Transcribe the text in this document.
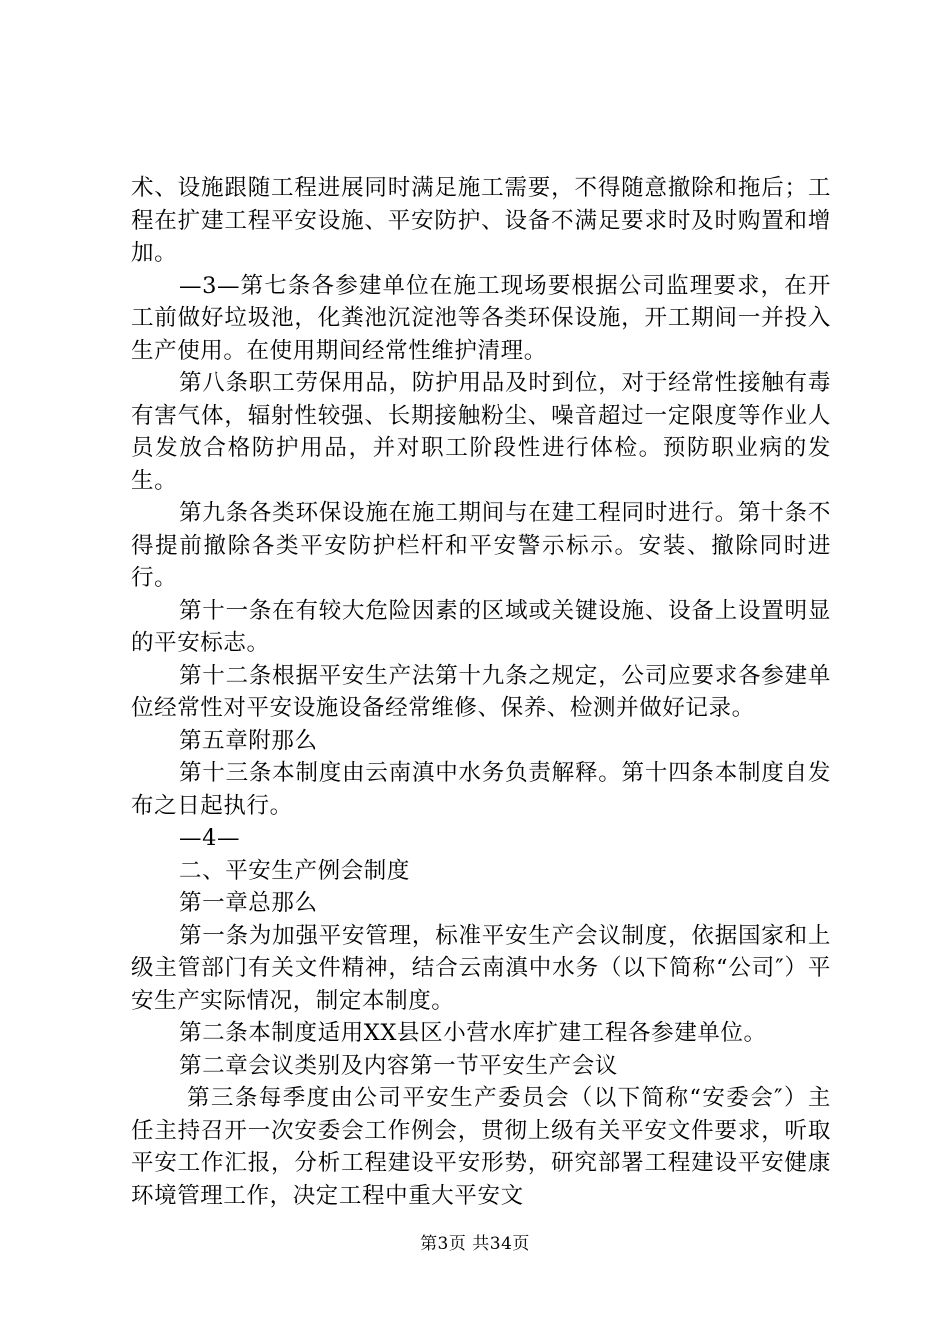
术、设施跟随工程进展同时满足施工需要，不得随意撤除和拖后；工程在扩建工程平安设施、平安防护、设备不满足要求时及时购置和增加。

—3—第七条各参建单位在施工现场要根据公司监理要求，在开工前做好垃圾池，化粪池沉淀池等各类环保设施，开工期间一并投入生产使用。在使用期间经常性维护清理。

第八条职工劳保用品，防护用品及时到位，对于经常性接触有毒有害气体，辐射性较强、长期接触粉尘、噪音超过一定限度等作业人员发放合格防护用品，并对职工阶段性进行体检。预防职业病的发生。

第九条各类环保设施在施工期间与在建工程同时进行。第十条不得提前撤除各类平安防护栏杆和平安警示标示。安装、撤除同时进行。

第十一条在有较大危险因素的区域或关键设施、设备上设置明显的平安标志。

第十二条根据平安生产法第十九条之规定，公司应要求各参建单位经常性对平安设施设备经常维修、保养、检测并做好记录。

第五章附那么

第十三条本制度由云南滇中水务负责解释。第十四条本制度自发布之日起执行。

—4—

二、平安生产例会制度

第一章总那么

第一条为加强平安管理，标准平安生产会议制度，依据国家和上级主管部门有关文件精神，结合云南滇中水务（以下简称“公司″）平安生产实际情况，制定本制度。

第二条本制度适用XX县区小营水库扩建工程各参建单位。

第二章会议类别及内容第一节平安生产会议

第三条每季度由公司平安生产委员会（以下简称“安委会″）主任主持召开一次安委会工作例会，贯彻上级有关平安文件要求，听取平安工作汇报，分析工程建设平安形势，研究部署工程建设平安健康环境管理工作，决定工程中重大平安文

第3页 共34页
